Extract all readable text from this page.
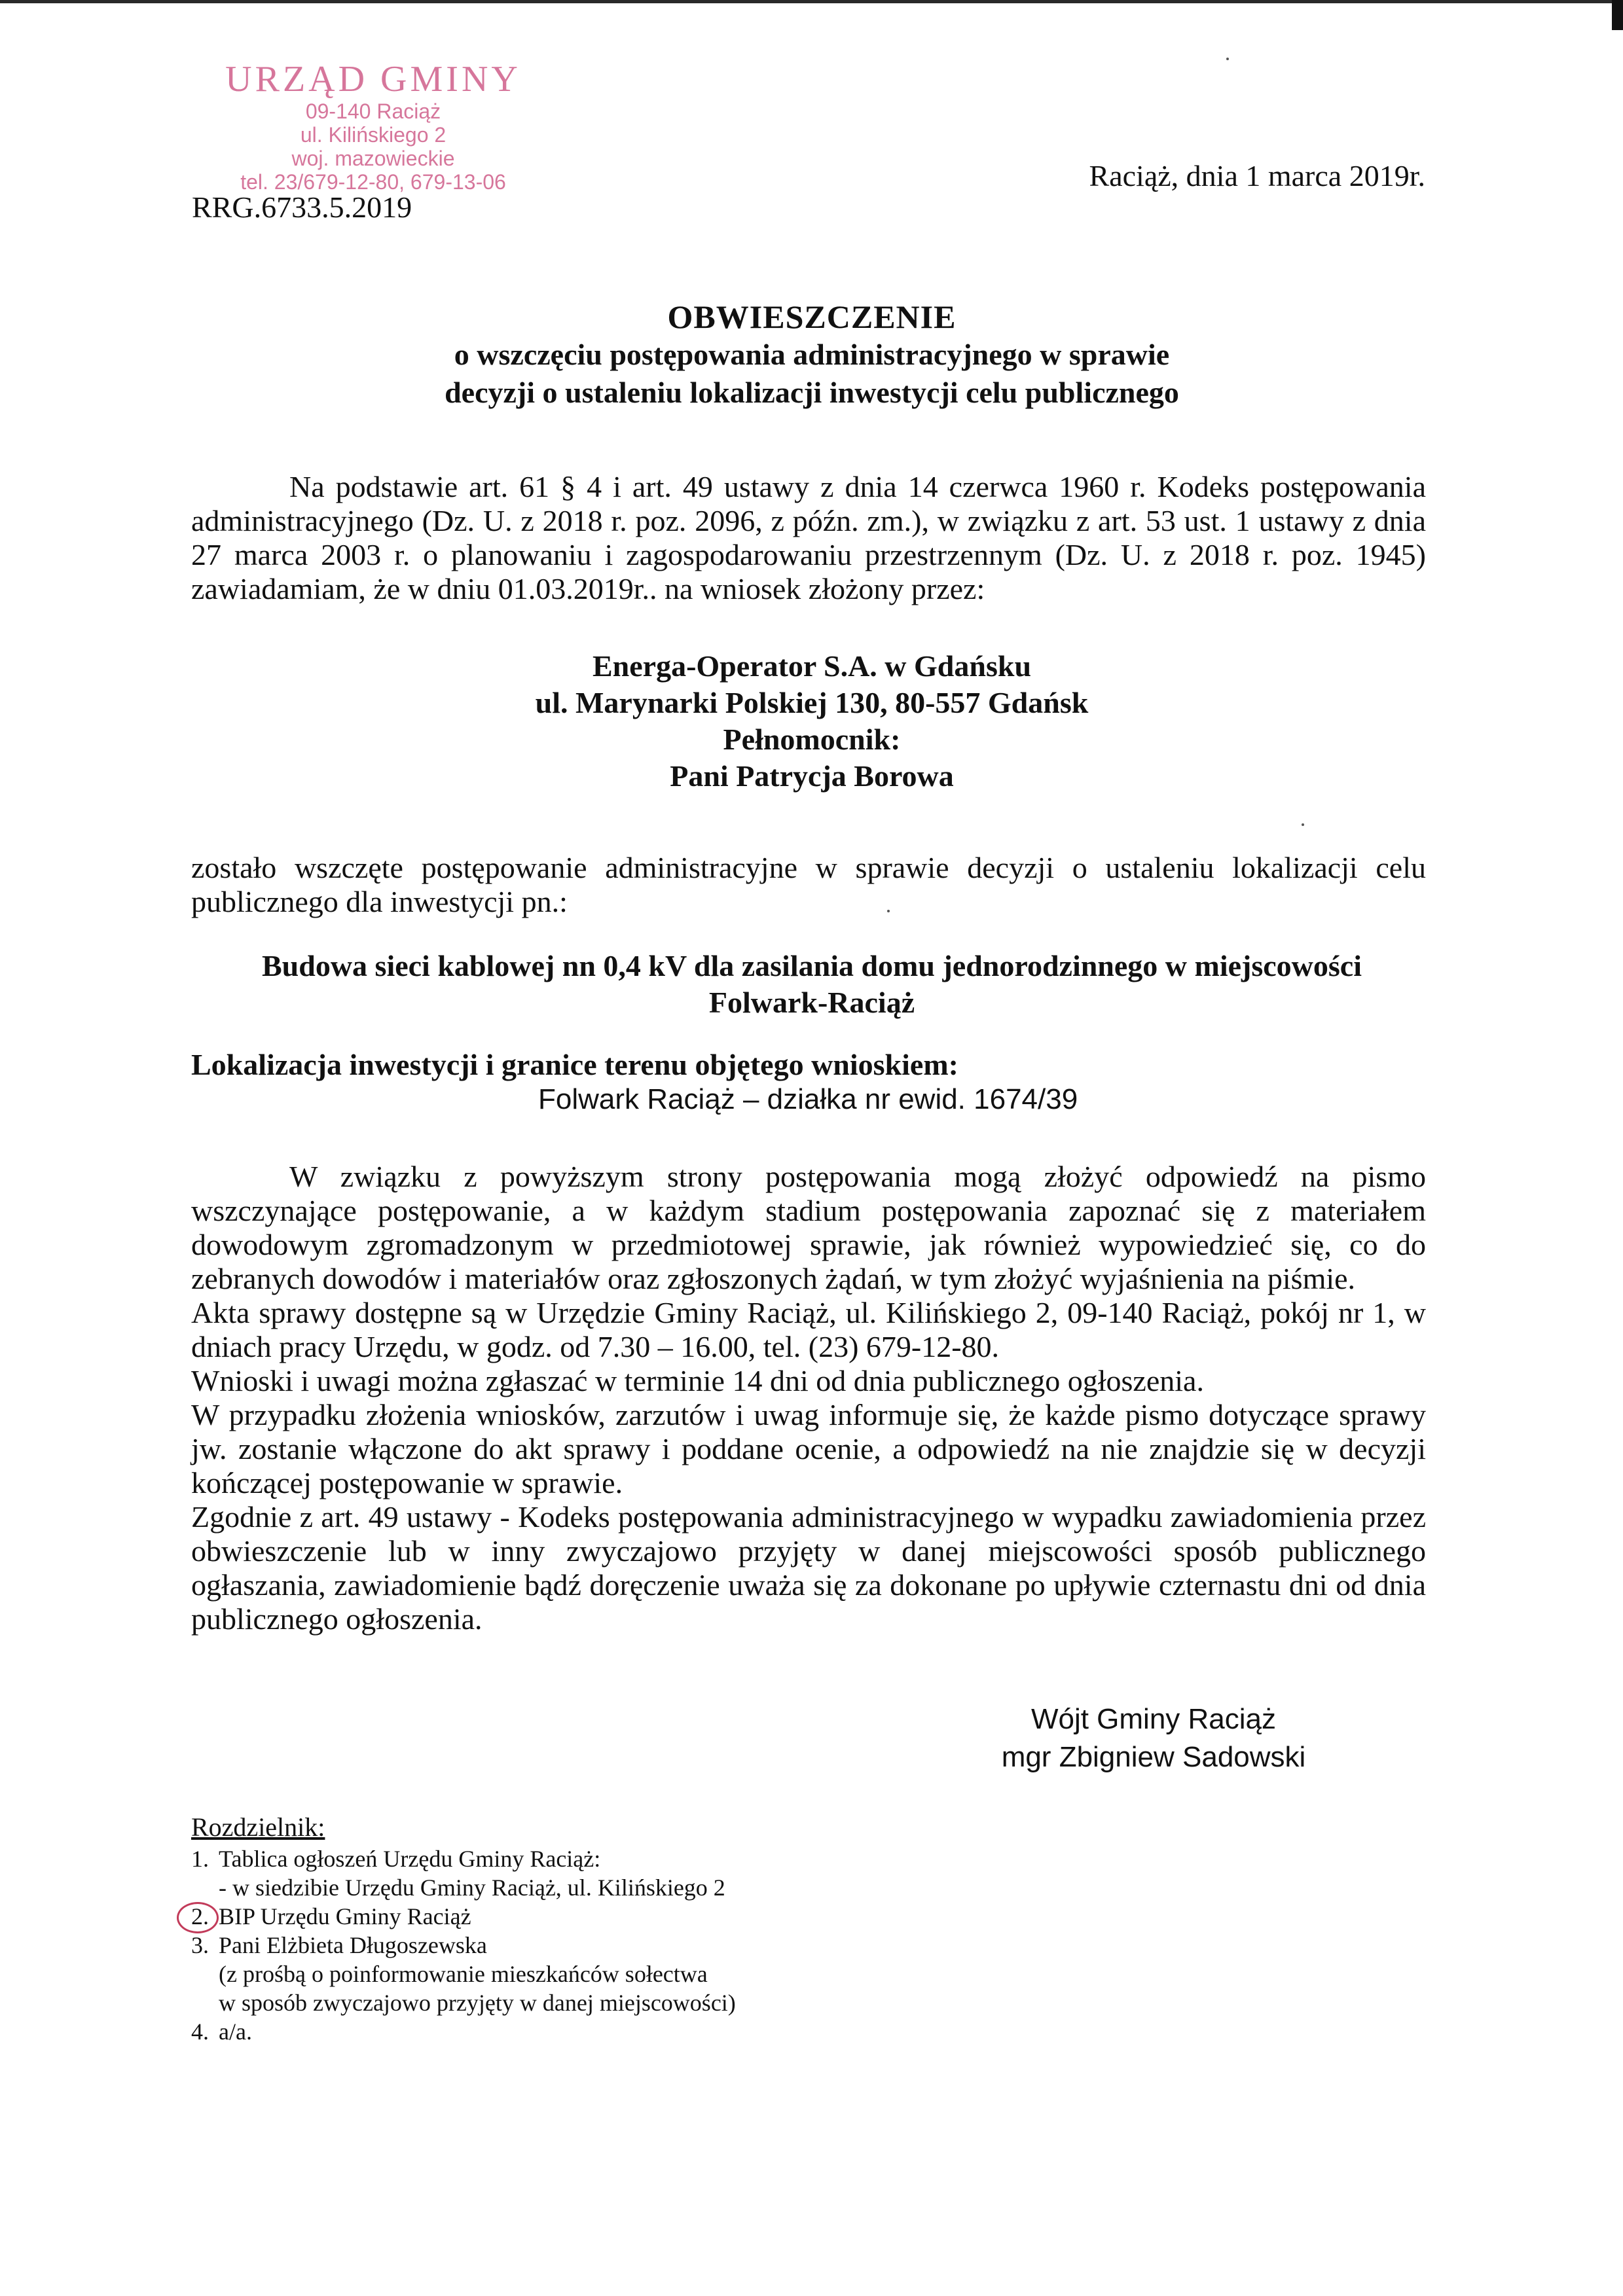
URZĄD GMINY
09-140 Raciąż
ul. Kilińskiego 2
woj. mazowieckie
tel. 23/679-12-80, 679-13-06
RRG.6733.5.2019
Raciąż, dnia 1 marca 2019r.
OBWIESZCZENIE
o wszczęciu postępowania administracyjnego w sprawie
decyzji o ustaleniu lokalizacji inwestycji celu publicznego
Na podstawie art. 61 § 4 i art. 49 ustawy z dnia 14 czerwca 1960 r. Kodeks postępowania administracyjnego (Dz. U. z 2018 r. poz. 2096, z późn. zm.), w związku z art. 53 ust. 1 ustawy z dnia 27 marca 2003 r. o planowaniu i zagospodarowaniu przestrzennym (Dz. U. z 2018 r. poz. 1945) zawiadamiam, że w dniu 01.03.2019r.. na wniosek złożony przez:
Energa-Operator S.A. w Gdańsku
ul. Marynarki Polskiej 130, 80-557 Gdańsk
Pełnomocnik:
Pani Patrycja Borowa
zostało wszczęte postępowanie administracyjne w sprawie decyzji o ustaleniu lokalizacji celu publicznego dla inwestycji pn.:
Budowa sieci kablowej nn 0,4 kV dla zasilania domu jednorodzinnego w miejscowości
Folwark-Raciąż
Lokalizacja inwestycji i granice terenu objętego wnioskiem:
Folwark Raciąż – działka nr ewid. 1674/39
W związku z powyższym strony postępowania mogą złożyć odpowiedź na pismo wszczynające postępowanie, a w każdym stadium postępowania zapoznać się z materiałem dowodowym zgromadzonym w przedmiotowej sprawie, jak również wypowiedzieć się, co do zebranych dowodów i materiałów oraz zgłoszonych żądań, w tym złożyć wyjaśnienia na piśmie.
Akta sprawy dostępne są w Urzędzie Gminy Raciąż, ul. Kilińskiego 2, 09-140 Raciąż, pokój nr 1, w dniach pracy Urzędu, w godz. od 7.30 – 16.00, tel. (23) 679-12-80.
Wnioski i uwagi można zgłaszać w terminie 14 dni od dnia publicznego ogłoszenia.
W przypadku złożenia wniosków, zarzutów i uwag informuje się, że każde pismo dotyczące sprawy jw. zostanie włączone do akt sprawy i poddane ocenie, a odpowiedź na nie znajdzie się w decyzji kończącej postępowanie w sprawie.
Zgodnie z art. 49 ustawy - Kodeks postępowania administracyjnego w wypadku zawiadomienia przez obwieszczenie lub w inny zwyczajowo przyjęty w danej miejscowości sposób publicznego ogłaszania, zawiadomienie bądź doręczenie uważa się za dokonane po upływie czternastu dni od dnia publicznego ogłoszenia.
Wójt Gminy Raciąż
mgr Zbigniew Sadowski
Rozdzielnik:
1. Tablica ogłoszeń Urzędu Gminy Raciąż:
- w siedzibie Urzędu Gminy Raciąż, ul. Kilińskiego 2
2. BIP Urzędu Gminy Raciąż
3. Pani Elżbieta Długoszewska
(z prośbą o poinformowanie mieszkańców sołectwa
w sposób zwyczajowo przyjęty w danej miejscowości)
4. a/a.
